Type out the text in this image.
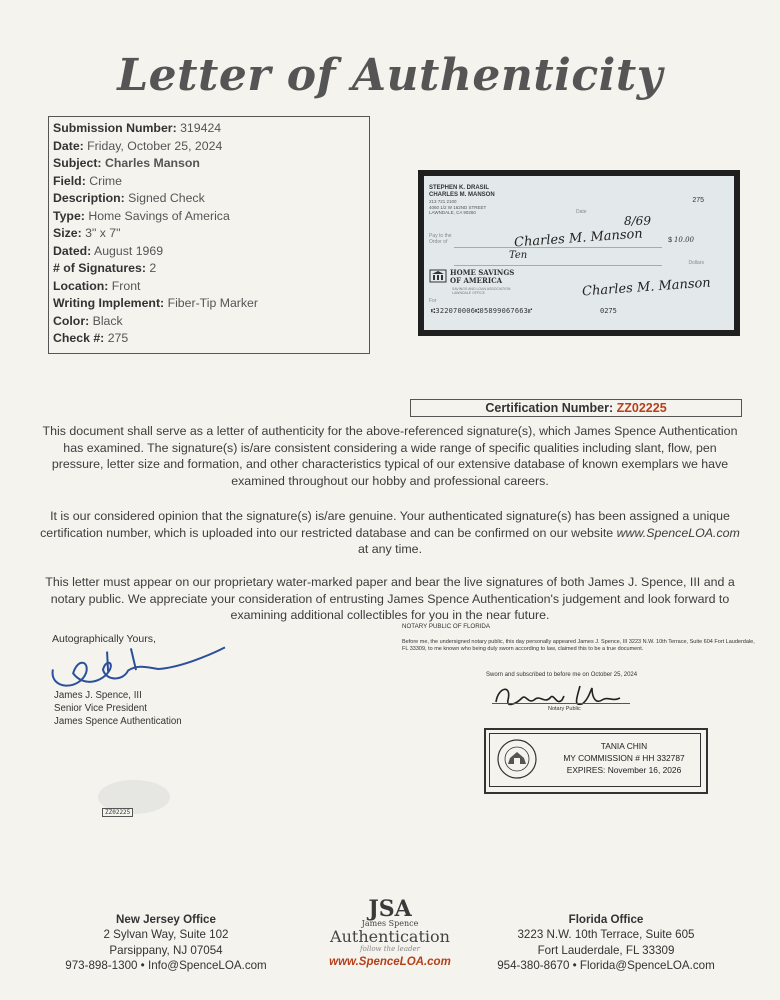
Letter of Authenticity
Submission Number: 319424
Date: Friday, October 25, 2024
Subject: Charles Manson
Field: Crime
Description: Signed Check
Type: Home Savings of America
Size: 3" x 7"
Dated: August 1969
# of Signatures: 2
Location: Front
Writing Implement: Fiber-Tip Marker
Color: Black
Check #: 275
STEPHEN K. DRASIL
CHARLES M. MANSON
213 721 2100
4060 1/2 W 162ND STREET
LAWNDALE, CA 90260
275
Date
8/69
Pay to the
Order of	Charles M. Manson	$ 10.00
Ten
Dollars
HOME SAVINGS
OF AMERICA
SAVINGS AND LOAN ASSOCIATION
LAWNDALE OFFICE	Charles M. Manson
For
⑆322070006⑆05899067663⑈	0275
Certification Number: ZZ02225
This document shall serve as a letter of authenticity for the above-referenced signature(s), which James Spence Authentication has examined. The signature(s) is/are consistent considering a wide range of specific qualities including slant, flow, pen pressure, letter size and formation, and other characteristics typical of our extensive database of known exemplars we have examined throughout our hobby and professional careers.
It is our considered opinion that the signature(s) is/are genuine. Your authenticated signature(s) has been assigned a unique certification number, which is uploaded into our restricted database and can be confirmed on our website www.SpenceLOA.com at any time.
This letter must appear on our proprietary water-marked paper and bear the live signatures of both James J. Spence, III and a notary public. We appreciate your consideration of entrusting James Spence Authentication's judgement and look forward to examining additional collectibles for you in the near future.
Autographically Yours,
James J. Spence, III
Senior Vice President
James Spence Authentication
NOTARY PUBLIC OF FLORIDA
Before me, the undersigned notary public, this day personally appeared James J. Spence, III 3223 N.W. 10th Terrace, Suite 604 Fort Lauderdale, FL 33309, to me known who being duly sworn according to law, claimed this to be a true document.
Sworn and subscribed to before me on October 25, 2024
Notary Public
TANIA CHIN
MY COMMISSION # HH 332787
EXPIRES: November 16, 2026
ZZ02225
New Jersey Office
2 Sylvan Way, Suite 102
Parsippany, NJ 07054
973-898-1300 • Info@SpenceLOA.com
JSA
James Spence
Authentication
follow the leader
www.SpenceLOA.com
Florida Office
3223 N.W. 10th Terrace, Suite 605
Fort Lauderdale, FL 33309
954-380-8670 • Florida@SpenceLOA.com
